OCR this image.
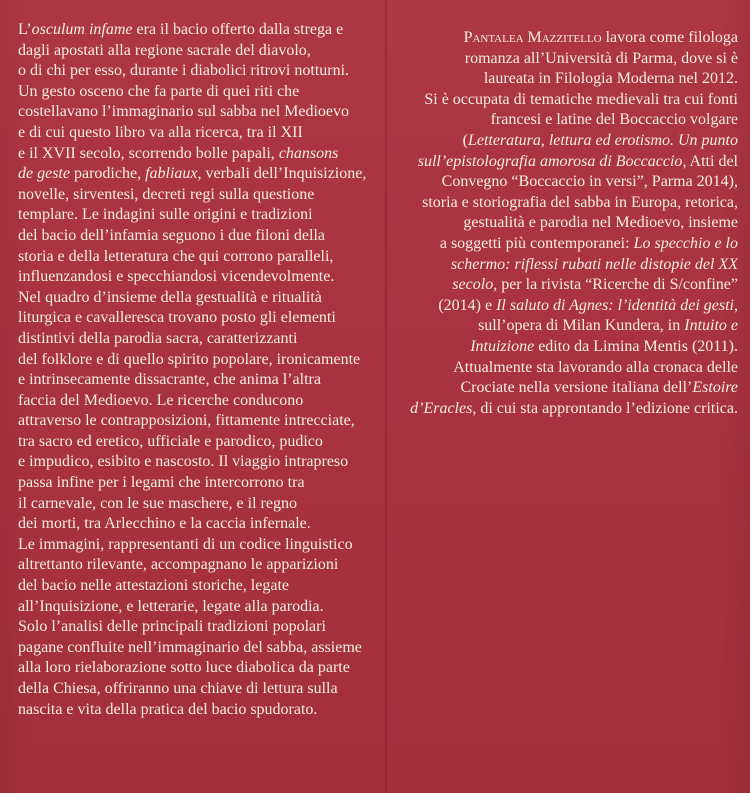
L’osculum infame era il bacio offerto dalla strega e
dagli apostati alla regione sacrale del diavolo,
o di chi per esso, durante i diabolici ritrovi notturni.
Un gesto osceno che fa parte di quei riti che
costellavano l’immaginario sul sabba nel Medioevo
e di cui questo libro va alla ricerca, tra il XII
e il XVII secolo, scorrendo bolle papali, chansons
de geste parodiche, fabliaux, verbali dell’Inquisizione,
novelle, sirventesi, decreti regi sulla questione
templare. Le indagini sulle origini e tradizioni
del bacio dell’infamia seguono i due filoni della
storia e della letteratura che qui corrono paralleli,
influenzandosi e specchiandosi vicendevolmente.
Nel quadro d’insieme della gestualità e ritualità
liturgica e cavalleresca trovano posto gli elementi
distintivi della parodia sacra, caratterizzanti
del folklore e di quello spirito popolare, ironicamente
e intrinsecamente dissacrante, che anima l’altra
faccia del Medioevo. Le ricerche conducono
attraverso le contrapposizioni, fittamente intrecciate,
tra sacro ed eretico, ufficiale e parodico, pudico
e impudico, esibito e nascosto. Il viaggio intrapreso
passa infine per i legami che intercorrono tra
il carnevale, con le sue maschere, e il regno
dei morti, tra Arlecchino e la caccia infernale.
Le immagini, rappresentanti di un codice linguistico
altrettanto rilevante, accompagnano le apparizioni
del bacio nelle attestazioni storiche, legate
all’Inquisizione, e letterarie, legate alla parodia.
Solo l’analisi delle principali tradizioni popolari
pagane confluite nell’immaginario del sabba, assieme
alla loro rielaborazione sotto luce diabolica da parte
della Chiesa, offriranno una chiave di lettura sulla
nascita e vita della pratica del bacio spudorato.
Pantalea Mazzitello lavora come filologa
romanza all’Università di Parma, dove si è
laureata in Filologia Moderna nel 2012.
Si è occupata di tematiche medievali tra cui fonti
francesi e latine del Boccaccio volgare
(Letteratura, lettura ed erotismo. Un punto
sull’epistolografia amorosa di Boccaccio, Atti del
Convegno “Boccaccio in versi”, Parma 2014),
storia e storiografia del sabba in Europa, retorica,
gestualità e parodia nel Medioevo, insieme
a soggetti più contemporanei: Lo specchio e lo
schermo: riflessi rubati nelle distopie del XX
secolo, per la rivista “Ricerche di S/confine”
(2014) e Il saluto di Agnes: l’identità dei gesti,
sull’opera di Milan Kundera, in Intuito e
Intuizione edito da Limina Mentis (2011).
Attualmente sta lavorando alla cronaca delle
Crociate nella versione italiana dell’Estoire
d’Eracles, di cui sta approntando l’edizione critica.
